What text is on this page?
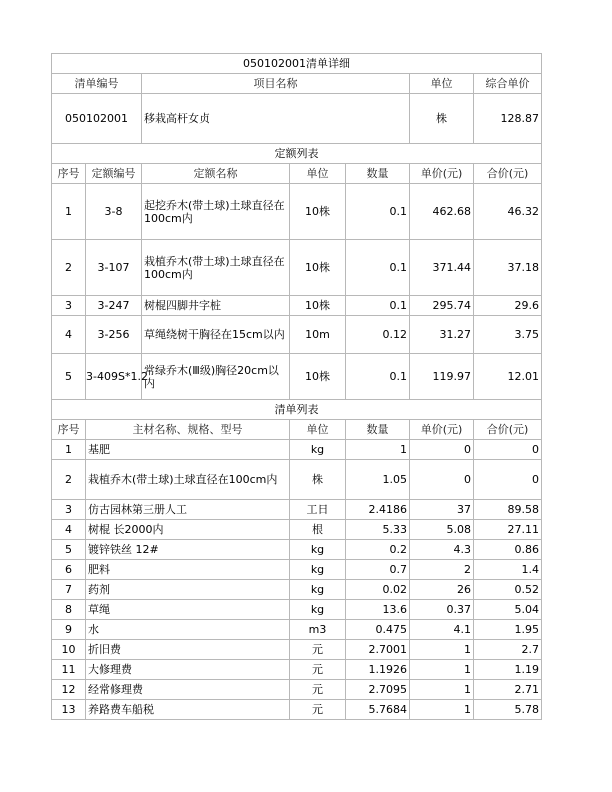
050102001清单详细						
清单编号		项目名称			单位	综合单价
050102001		移栽高杆女贞			株	128.87
定额列表						
序号	定额编号	定额名称	单位	数量	单价(元)	合价(元)
1	3-8	起挖乔木(带土球)土球直径在100cm内	10株	0.1	462.68	46.32
2	3-107	栽植乔木(带土球)土球直径在100cm内	10株	0.1	371.44	37.18
3	3-247	树棍四脚井字桩	10株	0.1	295.74	29.6
4	3-256	草绳绕树干胸径在15cm以内	10m	0.12	31.27	3.75
5	3-409S*1.2	常绿乔木(Ⅲ级)胸径20cm以内	10株	0.1	119.97	12.01
清单列表						
序号	主材名称、规格、型号		单位	数量	单价(元)	合价(元)
1	基肥		kg	1	0	0
2	栽植乔木(带土球)土球直径在100cm内		株	1.05	0	0
3	仿古园林第三册人工		工日	2.4186	37	89.58
4	树棍 长2000内		根	5.33	5.08	27.11
5	镀锌铁丝 12#		kg	0.2	4.3	0.86
6	肥料		kg	0.7	2	1.4
7	药剂		kg	0.02	26	0.52
8	草绳		kg	13.6	0.37	5.04
9	水		m3	0.475	4.1	1.95
10	折旧费		元	2.7001	1	2.7
11	大修理费		元	1.1926	1	1.19
12	经常修理费		元	2.7095	1	2.71
13	养路费车船税		元	5.7684	1	5.78
